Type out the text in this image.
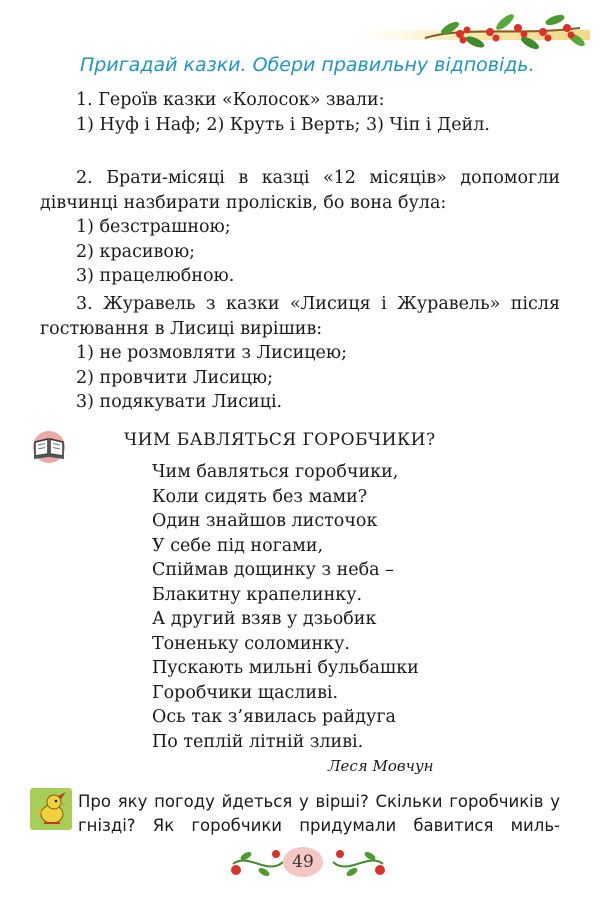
Пригадай казки. Обери правильну відповідь.
1. Героїв казки «Колосок» звали:
1) Нуф і Наф; 2) Круть і Верть; 3) Чіп і Дейл.
2. Брати-місяці в казці «12 місяців» допомогли дівчинці назбирати пролісків, бо вона була:
1) безстрашною;
2) красивою;
3) працелюбною.
3. Журавель з казки «Лисиця і Журавель» після гостювання в Лисиці вирішив:
1) не розмовляти з Лисицею;
2) провчити Лисицю;
3) подякувати Лисиці.
ЧИМ БАВЛЯТЬСЯ ГОРОБЧИКИ?
Чим бавляться горобчики,
Коли сидять без мами?
Один знайшов листочок
У себе під ногами,
Спіймав дощинку з неба –
Блакитну крапелинку.
А другий взяв у дзьобик
Тоненьку соломинку.
Пускають мильні бульбашки
Горобчики щасливі.
Ось так з’явилась райдуга
По теплій літній зливі.
Леся Мовчун
Про яку погоду йдеться у вірші? Скільки горобчиків у гнізді? Як горобчики придумали бавитися миль-
49
